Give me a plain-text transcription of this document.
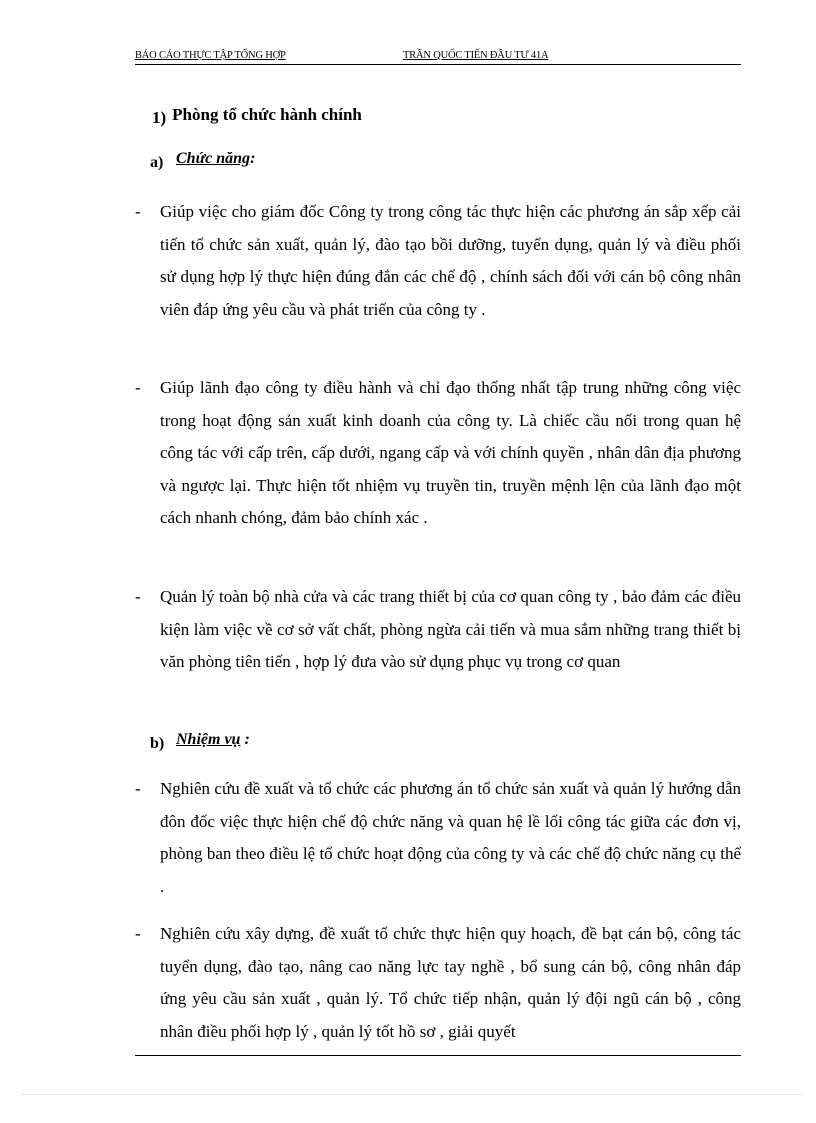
BÁO CÁO THỰC TẬP TỔNG HỢP	TRẦN QUỐC TIẾN ĐẦU TƯ 41A
1) Phòng tổ chức hành chính
a) Chức năng:
- Giúp việc cho giám đốc Công ty trong công tác thực hiện các phương án sắp xếp cải tiến tổ chức sản xuất, quản lý, đào tạo bồi dưỡng, tuyển dụng, quản lý và điều phối sử dụng hợp lý thực hiện đúng đắn các chế độ , chính sách đối với cán bộ công nhân viên đáp ứng yêu cầu và phát triển của công ty .
- Giúp lãnh đạo công ty điều hành và chỉ đạo thống nhất tập trung những công việc trong hoạt động sản xuất kinh doanh của công ty. Là chiếc cầu nối trong quan hệ công tác với cấp trên, cấp dưới, ngang cấp và với chính quyền , nhân dân địa phương và ngược lại. Thực hiện tốt nhiệm vụ truyền tin, truyền mệnh lện của lãnh đạo một cách nhanh chóng, đảm bảo chính xác .
- Quản lý toàn bộ nhà cửa và các trang thiết bị của cơ quan công ty , bảo đảm các điều kiện làm việc về cơ sở vất chất, phòng ngừa cải tiến và mua sắm những trang thiết bị văn phòng tiên tiến , hợp lý đưa vào sử dụng phục vụ trong cơ quan
b) Nhiệm vụ :
- Nghiên cứu đề xuất và tổ chức các phương án tổ chức sản xuất và quản lý hướng dẫn đôn đốc việc thực hiện chế độ chức năng và quan hệ lề lối công tác giữa các đơn vị, phòng ban theo điều lệ tổ chức hoạt động của công ty và các chế độ chức năng cụ thể .
- Nghiên cứu xây dựng, đề xuất tổ chức thực hiện quy hoạch, đề bạt cán bộ, công tác tuyển dụng, đào tạo, nâng cao năng lực tay nghề , bổ sung cán bộ, công nhân đáp ứng yêu cầu sản xuất , quản lý. Tổ chức tiếp nhận, quản lý đội ngũ cán bộ , công nhân điều phối hợp lý , quản lý tốt hồ sơ , giải quyết
